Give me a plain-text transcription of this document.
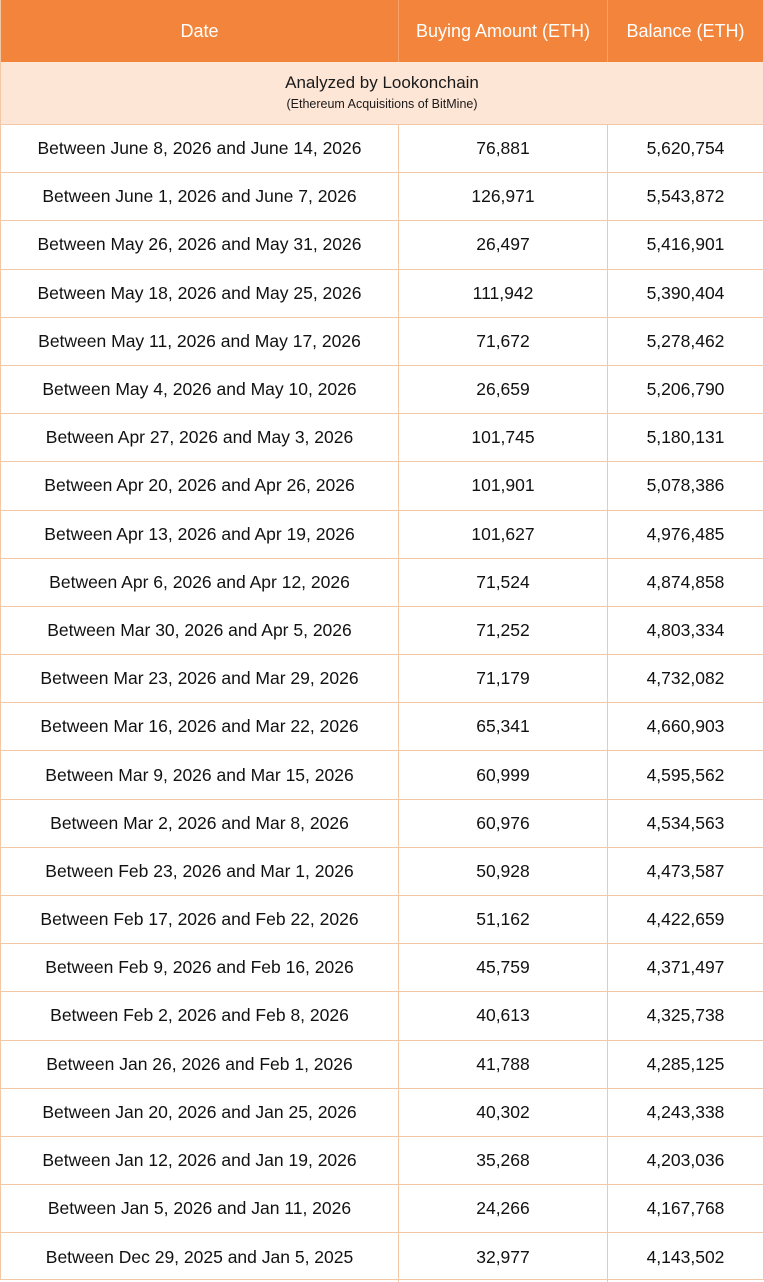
Date	Buying Amount (ETH)	Balance (ETH)
Analyzed by Lookonchain
(Ethereum Acquisitions of BitMine)
Between June 8, 2026 and June 14, 2026	76,881	5,620,754
Between June 1, 2026 and June 7, 2026	126,971	5,543,872
Between May 26, 2026 and May 31, 2026	26,497	5,416,901
Between May 18, 2026 and May 25, 2026	111,942	5,390,404
Between May 11, 2026 and May 17, 2026	71,672	5,278,462
Between May 4, 2026 and May 10, 2026	26,659	5,206,790
Between Apr 27, 2026 and May 3, 2026	101,745	5,180,131
Between Apr 20, 2026 and Apr 26, 2026	101,901	5,078,386
Between Apr 13, 2026 and Apr 19, 2026	101,627	4,976,485
Between Apr 6, 2026 and Apr 12, 2026	71,524	4,874,858
Between Mar 30, 2026 and Apr 5, 2026	71,252	4,803,334
Between Mar 23, 2026 and Mar 29, 2026	71,179	4,732,082
Between Mar 16, 2026 and Mar 22, 2026	65,341	4,660,903
Between Mar 9, 2026 and Mar 15, 2026	60,999	4,595,562
Between Mar 2, 2026 and Mar 8, 2026	60,976	4,534,563
Between Feb 23, 2026 and Mar 1, 2026	50,928	4,473,587
Between Feb 17, 2026 and Feb 22, 2026	51,162	4,422,659
Between Feb 9, 2026 and Feb 16, 2026	45,759	4,371,497
Between Feb 2, 2026 and Feb 8, 2026	40,613	4,325,738
Between Jan 26, 2026 and Feb 1, 2026	41,788	4,285,125
Between Jan 20, 2026 and Jan 25, 2026	40,302	4,243,338
Between Jan 12, 2026 and Jan 19, 2026	35,268	4,203,036
Between Jan 5, 2026 and Jan 11, 2026	24,266	4,167,768
Between Dec 29, 2025 and Jan 5, 2025	32,977	4,143,502
